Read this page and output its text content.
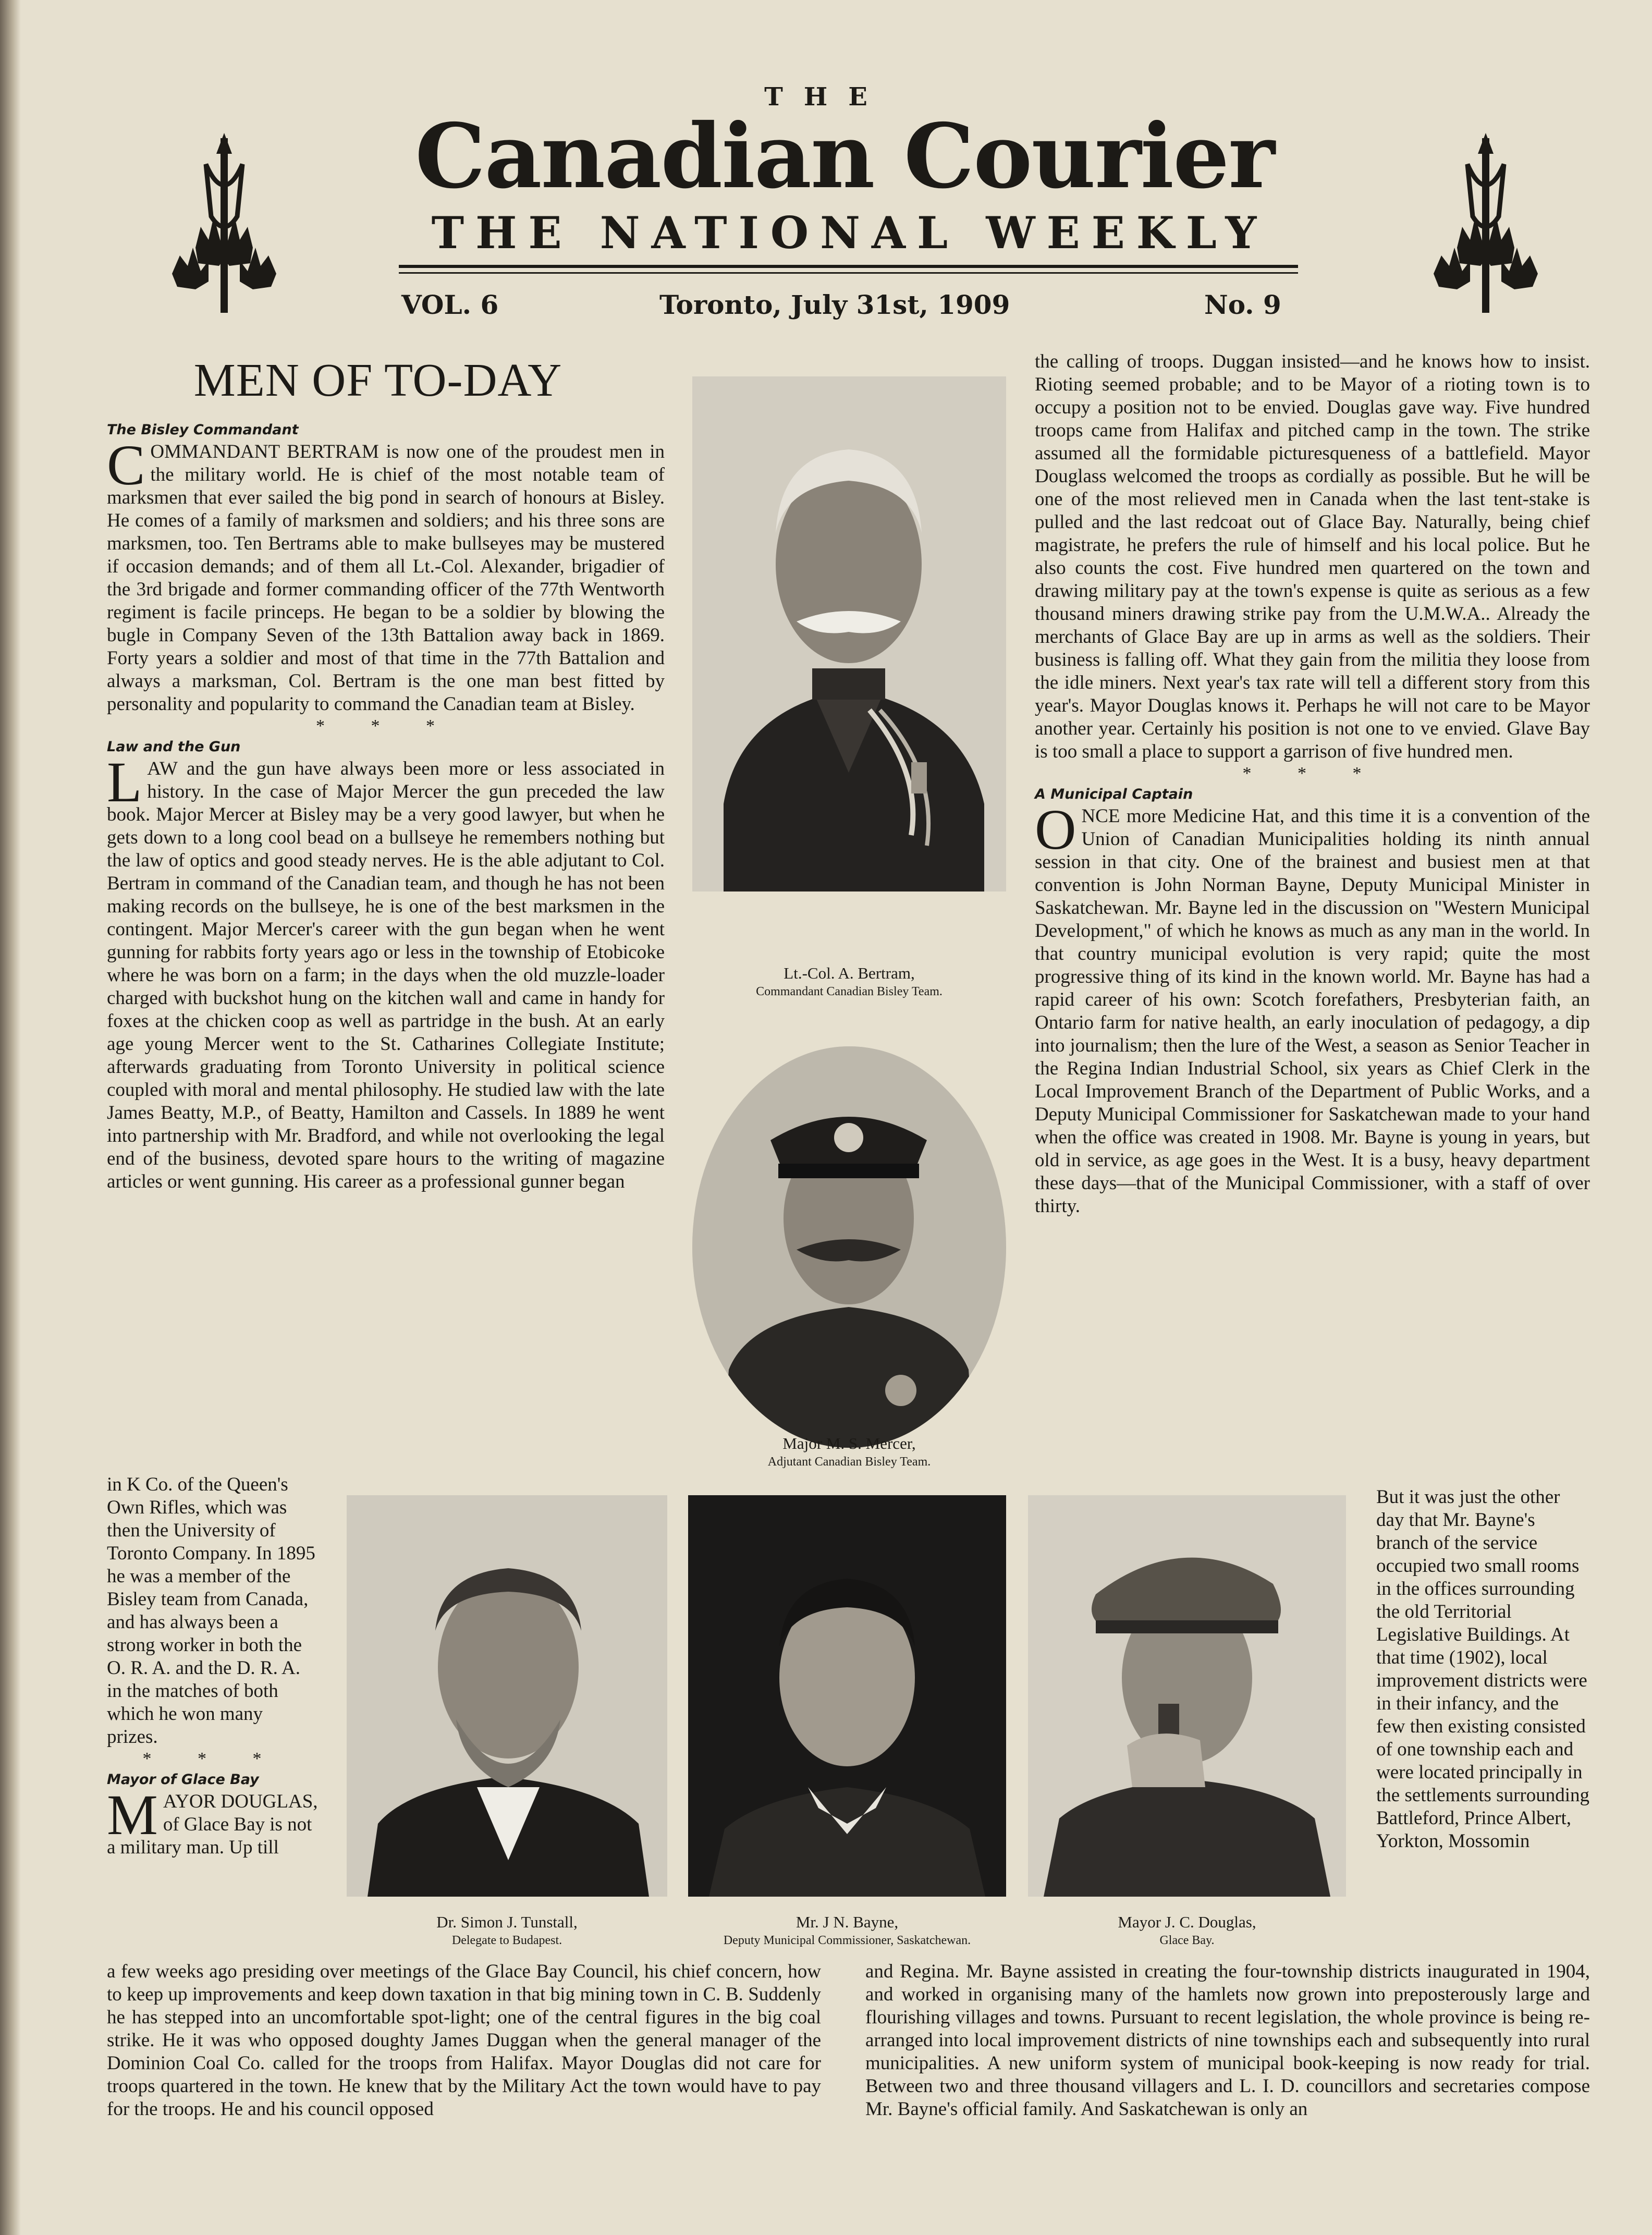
THE
Canadian Courier
THE NATIONAL WEEKLY
VOL. 6	Toronto, July 31st, 1909	No. 9
MEN OF TO-DAY

The Bisley Commandant

COMMANDANT BERTRAM is now one of the proudest men in the military world. He is chief of the most notable team of marksmen that ever sailed the big pond in search of honours at Bisley. He comes of a family of marksmen and soldiers; and his three sons are marksmen, too. Ten Bertrams able to make bullseyes may be mustered if occasion demands; and of them all Lt.-Col. Alexander, brigadier of the 3rd brigade and former commanding officer of the 77th Wentworth regiment is facile princeps. He began to be a soldier by blowing the bugle in Company Seven of the 13th Battalion away back in 1869. Forty years a soldier and most of that time in the 77th Battalion and always a marksman, Col. Bertram is the one man best fitted by personality and popularity to command the Canadian team at Bisley.

* * *

Law and the Gun

LAW and the gun have always been more or less associated in history. In the case of Major Mercer the gun preceded the law book. Major Mercer at Bisley may be a very good lawyer, but when he gets down to a long cool bead on a bullseye he remembers nothing but the law of optics and good steady nerves. He is the able adjutant to Col. Bertram in command of the Canadian team, and though he has not been making records on the bullseye, he is one of the best marksmen in the contingent. Major Mercer's career with the gun began when he went gunning for rabbits forty years ago or less in the township of Etobicoke where he was born on a farm; in the days when the old muzzle-loader charged with buckshot hung on the kitchen wall and came in handy for foxes at the chicken coop as well as partridge in the bush. At an early age young Mercer went to the St. Catharines Collegiate Institute; afterwards graduating from Toronto University in political science coupled with moral and mental philosophy. He studied law with the late James Beatty, M.P., of Beatty, Hamilton and Cassels. In 1889 he went into partnership with Mr. Bradford, and while not overlooking the legal end of the business, devoted spare hours to the writing of magazine articles or went gunning. His career as a professional gunner began

in K Co. of the Queen's Own Rifles, which was then the University of Toronto Company. In 1895 he was a member of the Bisley team from Canada, and has always been a strong worker in both the O. R. A. and the D. R. A. in the matches of both which he won many prizes.

* * *

Mayor of Glace Bay

MAYOR DOUGLAS, of Glace Bay is not a military man. Up till

a few weeks ago presiding over meetings of the Glace Bay Council, his chief concern, how to keep up improvements and keep down taxation in that big mining town in C. B. Suddenly he has stepped into an uncomfortable spot-light; one of the central figures in the big coal strike. He it was who opposed doughty James Duggan when the general manager of the Dominion Coal Co. called for the troops from Halifax. Mayor Douglas did not care for troops quartered in the town. He knew that by the Military Act the town would have to pay for the troops. He and his council opposed

the calling of troops. Duggan insisted—and he knows how to insist. Rioting seemed probable; and to be Mayor of a rioting town is to occupy a position not to be envied. Douglas gave way. Five hundred troops came from Halifax and pitched camp in the town. The strike assumed all the formidable picturesqueness of a battlefield. Mayor Douglass welcomed the troops as cordially as possible. But he will be one of the most relieved men in Canada when the last tent-stake is pulled and the last redcoat out of Glace Bay. Naturally, being chief magistrate, he prefers the rule of himself and his local police. But he also counts the cost. Five hundred men quartered on the town and drawing military pay at the town's expense is quite as serious as a few thousand miners drawing strike pay from the U.M.W.A.. Already the merchants of Glace Bay are up in arms as well as the soldiers. Their business is falling off. What they gain from the militia they loose from the idle miners. Next year's tax rate will tell a different story from this year's. Mayor Douglas knows it. Perhaps he will not care to be Mayor another year. Certainly his position is not one to ve envied. Glave Bay is too small a place to support a garrison of five hundred men.

* * *

A Municipal Captain

ONCE more Medicine Hat, and this time it is a convention of the Union of Canadian Municipalities holding its ninth annual session in that city. One of the brainest and busiest men at that convention is John Norman Bayne, Deputy Municipal Minister in Saskatchewan. Mr. Bayne led in the discussion on "Western Municipal Development," of which he knows as much as any man in the world. In that country municipal evolution is very rapid; quite the most progressive thing of its kind in the known world. Mr. Bayne has had a rapid career of his own: Scotch forefathers, Presbyterian faith, an Ontario farm for native health, an early inoculation of pedagogy, a dip into journalism; then the lure of the West, a season as Senior Teacher in the Regina Indian Industrial School, six years as Chief Clerk in the Local Improvement Branch of the Department of Public Works, and a Deputy Municipal Commissioner for Saskatchewan made to your hand when the office was created in 1908. Mr. Bayne is young in years, but old in service, as age goes in the West. It is a busy, heavy department these days—that of the Municipal Commissioner, with a staff of over thirty.

But it was just the other day that Mr. Bayne's branch of the service occupied two small rooms in the offices surrounding the old Territorial Legislative Buildings. At that time (1902), local improvement districts were in their infancy, and the few then existing consisted of one township each and were located principally in the settlements surrounding Battleford, Prince Albert, Yorkton, Mossomin

and Regina. Mr. Bayne assisted in creating the four-township districts inaugurated in 1904, and worked in organising many of the hamlets now grown into preposterously large and flourishing villages and towns. Pursuant to recent legislation, the whole province is being re-arranged into local improvement districts of nine townships each and subsequently into rural municipalities. A new uniform system of municipal book-keeping is now ready for trial. Between two and three thousand villagers and L. I. D. councillors and secretaries compose Mr. Bayne's official family. And Saskatchewan is only an

Lt.-Col. A. Bertram,
Commandant Canadian Bisley Team.
Major M. S. Mercer,
Adjutant Canadian Bisley Team.
Dr. Simon J. Tunstall,
Delegate to Budapest.
Mr. J N. Bayne,
Deputy Municipal Commissioner, Saskatchewan.
Mayor J. C. Douglas,
Glace Bay.
